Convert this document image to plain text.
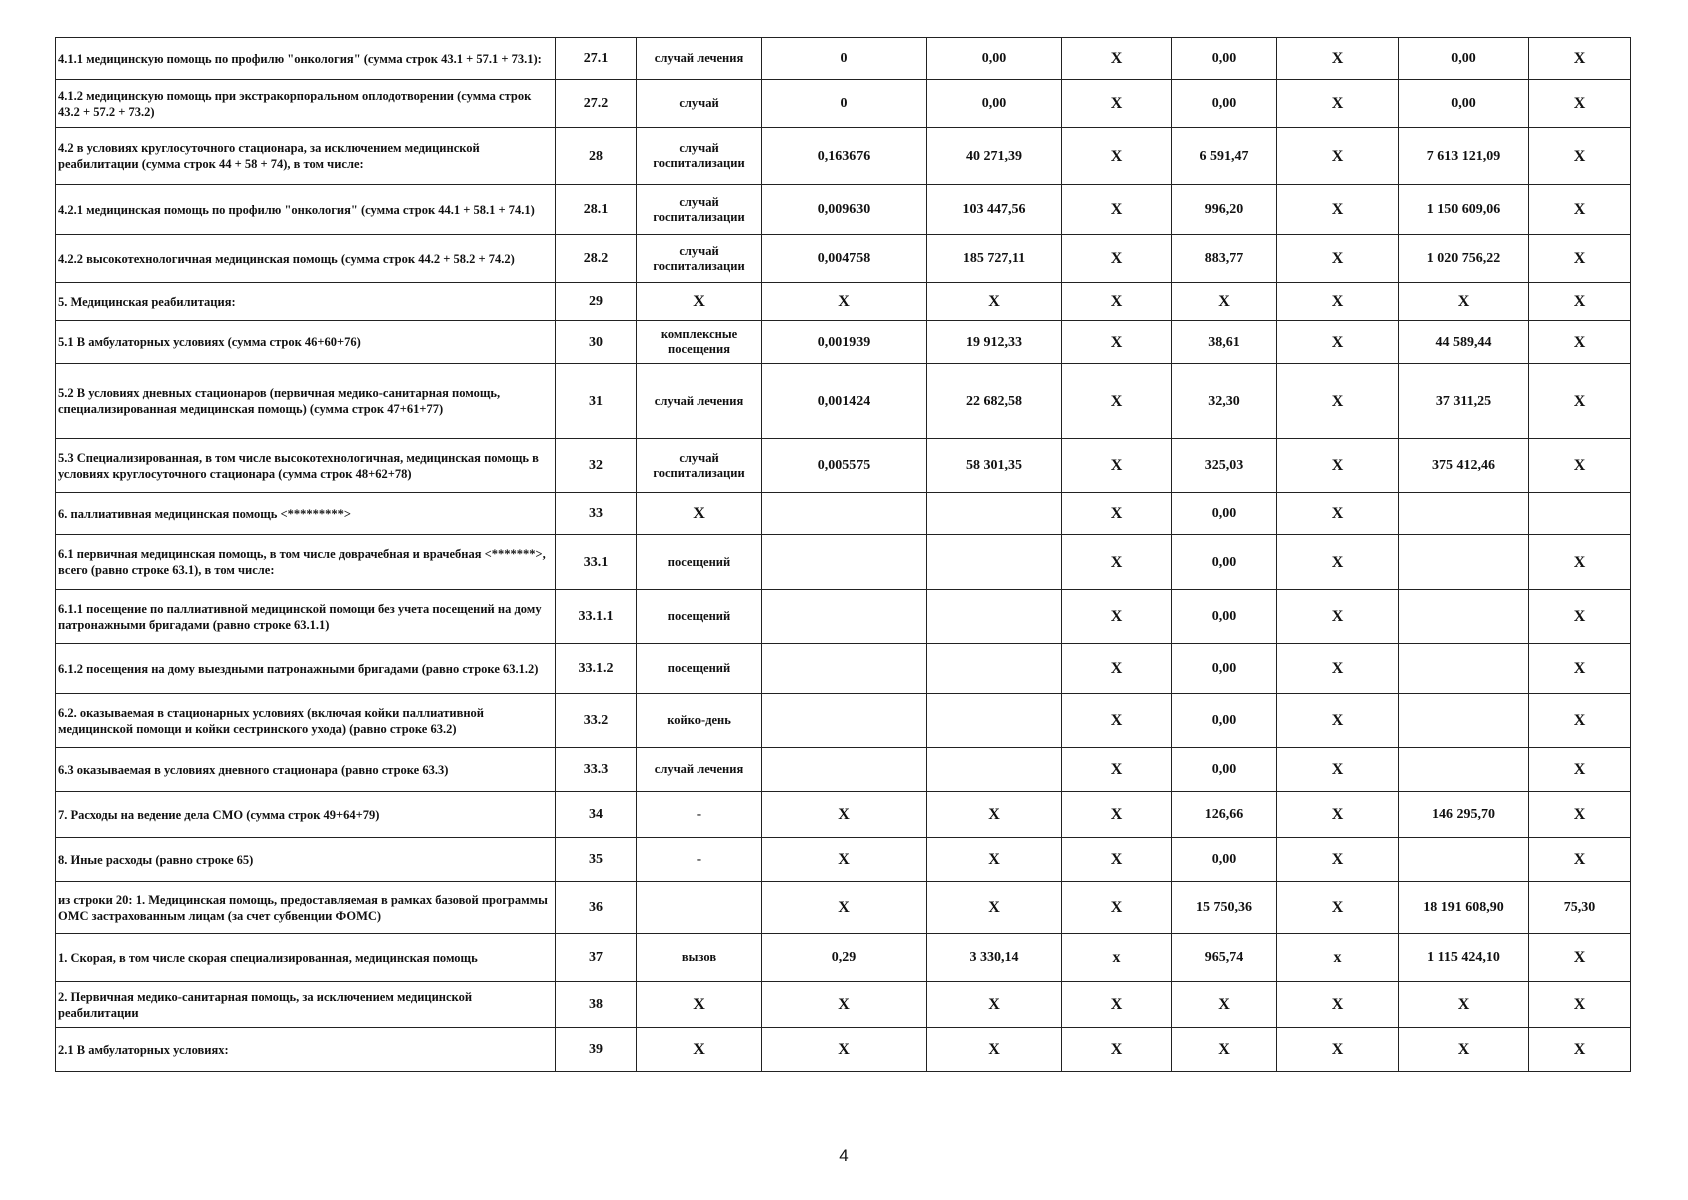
4.1.1 медицинскую помощь по профилю "онкология" (сумма строк 43.1 + 57.1 + 73.1):	27.1	случай лечения	0	0,00	X	0,00	X	0,00	X
4.1.2 медицинскую помощь при экстракорпоральном оплодотворении (сумма строк 43.2 + 57.2 + 73.2)	27.2	случай	0	0,00	X	0,00	X	0,00	X
4.2 в условиях круглосуточного стационара, за исключением медицинской реабилитации (сумма строк 44 + 58 + 74), в том числе:	28	случай госпитализации	0,163676	40 271,39	X	6 591,47	X	7 613 121,09	X
4.2.1 медицинская помощь по профилю "онкология" (сумма строк 44.1 + 58.1 + 74.1)	28.1	случай госпитализации	0,009630	103 447,56	X	996,20	X	1 150 609,06	X
4.2.2 высокотехнологичная медицинская помощь (сумма строк 44.2 + 58.2 + 74.2)	28.2	случай госпитализации	0,004758	185 727,11	X	883,77	X	1 020 756,22	X
5. Медицинская реабилитация:	29	X	X	X	X	X	X	X	X
5.1 В амбулаторных условиях (сумма строк 46+60+76)	30	комплексные посещения	0,001939	19 912,33	X	38,61	X	44 589,44	X
5.2 В условиях дневных стационаров (первичная медико-санитарная помощь, специализированная медицинская помощь) (сумма строк 47+61+77)	31	случай лечения	0,001424	22 682,58	X	32,30	X	37 311,25	X
5.3 Специализированная, в том числе высокотехнологичная, медицинская помощь в условиях круглосуточного стационара (сумма строк 48+62+78)	32	случай госпитализации	0,005575	58 301,35	X	325,03	X	375 412,46	X
6. паллиативная медицинская помощь <*********>	33	X			X	0,00	X		
6.1 первичная медицинская помощь, в том числе доврачебная и врачебная <*******>, всего (равно строке 63.1), в том числе:	33.1	посещений			X	0,00	X		X
6.1.1 посещение по паллиативной медицинской помощи без учета посещений на дому патронажными бригадами (равно строке 63.1.1)	33.1.1	посещений			X	0,00	X		X
6.1.2 посещения на дому выездными патронажными бригадами (равно строке 63.1.2)	33.1.2	посещений			X	0,00	X		X
6.2. оказываемая в стационарных условиях (включая койки паллиативной медицинской помощи и койки сестринского ухода) (равно строке 63.2)	33.2	койко-день			X	0,00	X		X
6.3 оказываемая в условиях дневного стационара (равно строке 63.3)	33.3	случай лечения			X	0,00	X		X
7. Расходы на ведение дела СМО (сумма строк 49+64+79)	34	-	X	X	X	126,66	X	146 295,70	X
8. Иные расходы (равно строке 65)	35	-	X	X	X	0,00	X		X
из строки 20: 1. Медицинская помощь, предоставляемая в рамках базовой программы ОМС застрахованным лицам (за счет субвенции ФОМС)	36		X	X	X	15 750,36	X	18 191 608,90	75,30
1. Скорая, в том числе скорая специализированная, медицинская помощь	37	вызов	0,29	3 330,14	x	965,74	x	1 115 424,10	X
2. Первичная медико-санитарная помощь, за исключением медицинской реабилитации	38	X	X	X	X	X	X	X	X
2.1 В амбулаторных условиях:	39	X	X	X	X	X	X	X	X
4
